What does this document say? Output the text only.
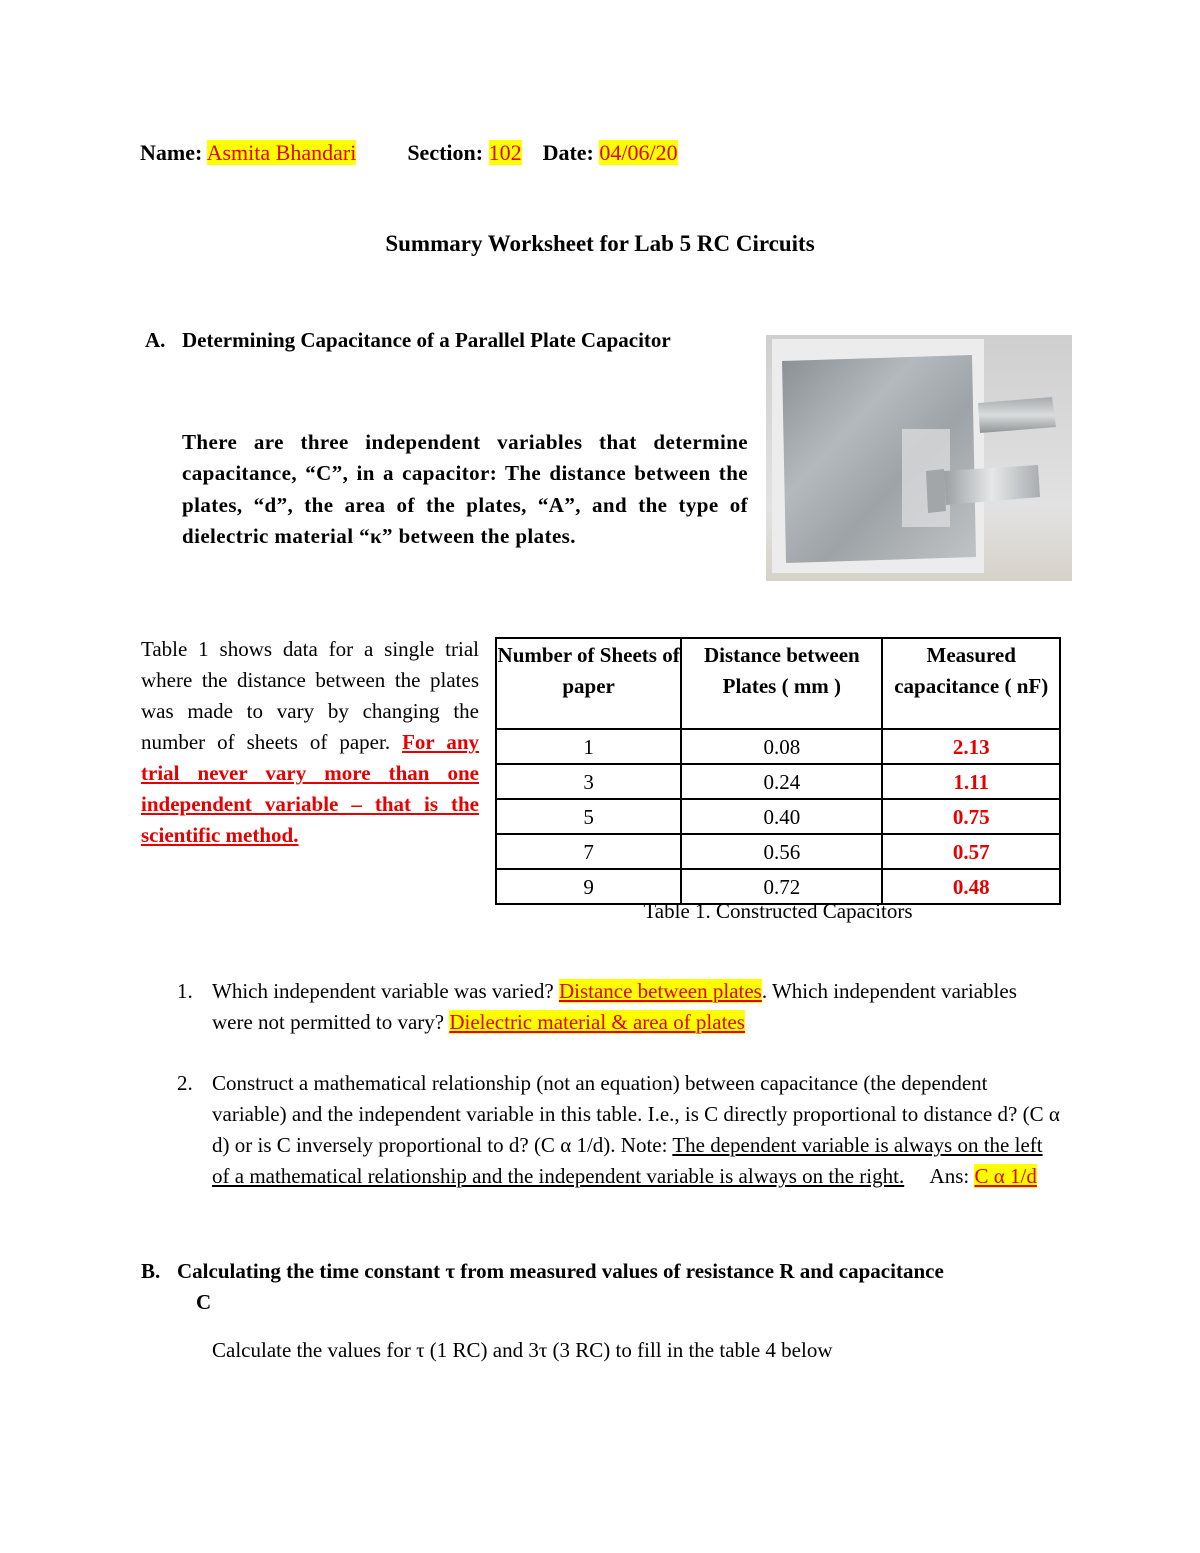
Name: Asmita Bhandari Section: 102 Date: 04/06/20
Summary Worksheet for Lab 5 RC Circuits
A. Determining Capacitance of a Parallel Plate Capacitor
There are three independent variables that determine capacitance, “C”, in a capacitor: The distance between the plates, “d”, the area of the plates, “A”, and the type of dielectric material “κ” between the plates.
Table 1 shows data for a single trial where the distance between the plates was made to vary by changing the number of sheets of paper. For any trial never vary more than one independent variable – that is the scientific method.
Number of Sheets of paper	Distance between Plates ( mm )	Measured capacitance ( nF)
1	0.08	2.13
3	0.24	1.11
5	0.40	0.75
7	0.56	0.57
9	0.72	0.48
Table 1. Constructed Capacitors
1. Which independent variable was varied? Distance between plates. Which independent variables were not permitted to vary? Dielectric material & area of plates
2. Construct a mathematical relationship (not an equation) between capacitance (the dependent variable) and the independent variable in this table. I.e., is C directly proportional to distance d? (C α d) or is C inversely proportional to d? (C α 1/d). Note: The dependent variable is always on the left of a mathematical relationship and the independent variable is always on the right. Ans: C α 1/d
B. Calculating the time constant τ from measured values of resistance R and capacitance
C
Calculate the values for τ (1 RC) and 3τ (3 RC) to fill in the table 4 below
